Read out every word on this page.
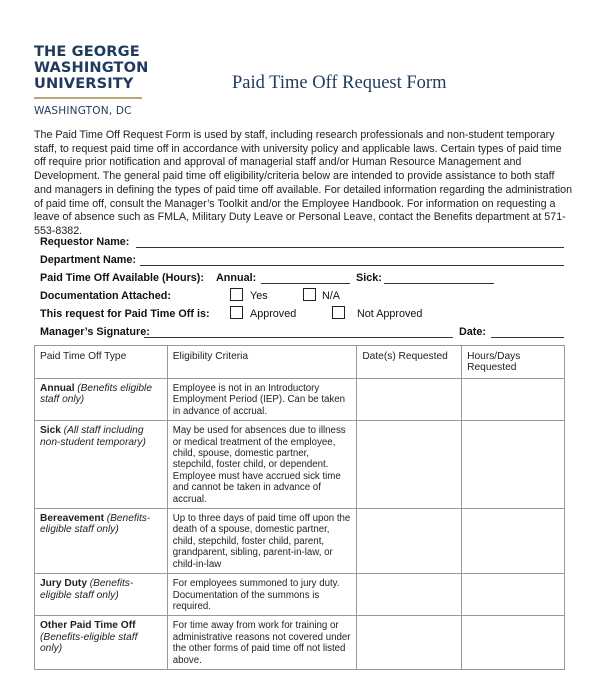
THE GEORGE
WASHINGTON
UNIVERSITY
WASHINGTON, DC
Paid Time Off Request Form

The Paid Time Off Request Form is used by staff, including research professionals and non-student temporary staff, to request paid time off in accordance with university policy and applicable laws. Certain types of paid time off require prior notification and approval of managerial staff and/or Human Resource Management and Development. The general paid time off eligibility/criteria below are intended to provide assistance to both staff and managers in defining the types of paid time off available. For detailed information regarding the administration of paid time off, consult the Manager’s Toolkit and/or the Employee Handbook. For information on requesting a leave of absence such as FMLA, Military Duty Leave or Personal Leave, contact the Benefits department at 571-553-8382.

Requestor Name:
Department Name:
Paid Time Off Available (Hours): Annual:	Sick:
Documentation Attached:	Yes	N/A
This request for Paid Time Off is:	Approved	Not Approved
Manager’s Signature:	Date:
Paid Time Off Type	Eligibility Criteria	Date(s) Requested	Hours/Days Requested
Annual (Benefits eligible staff only)	Employee is not in an Introductory Employment Period (IEP). Can be taken in advance of accrual.		
Sick (All staff including non-student temporary)	May be used for absences due to illness or medical treatment of the employee, child, spouse, domestic partner, stepchild, foster child, or dependent. Employee must have accrued sick time and cannot be taken in advance of accrual.		
Bereavement (Benefits-eligible staff only)	Up to three days of paid time off upon the death of a spouse, domestic partner, child, stepchild, foster child, parent, grandparent, sibling, parent-in-law, or child-in-law		
Jury Duty (Benefits-eligible staff only)	For employees summoned to jury duty. Documentation of the summons is required.		
Other Paid Time Off (Benefits-eligible staff only)	For time away from work for training or administrative reasons not covered under the other forms of paid time off not listed above.		
